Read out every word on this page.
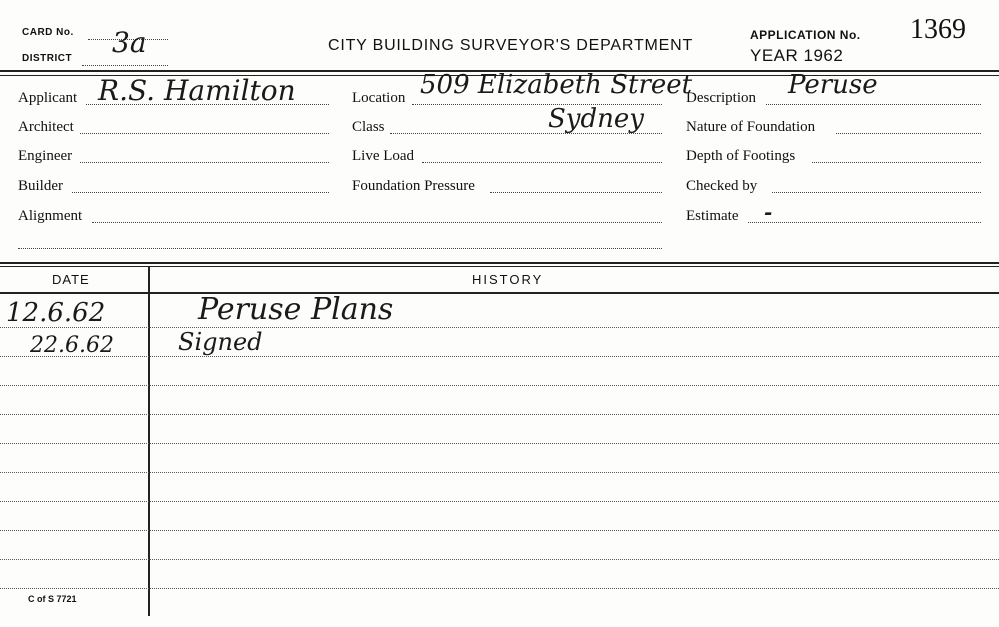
CARD No.
DISTRICT 3a	CITY BUILDING SURVEYOR'S DEPARTMENT
APPLICATION No. 1369
YEAR 1962
Applicant R.S. Hamilton
Architect
Engineer
Builder
Alignment
Location 509 Elizabeth Street
Sydney
Class
Live Load
Foundation Pressure
Description Peruse
Nature of Foundation
Depth of Footings
Checked by
Estimate -
DATE	HISTORY
12.6.62	Peruse Plans
22.6.62	Signed
C of S 7721
